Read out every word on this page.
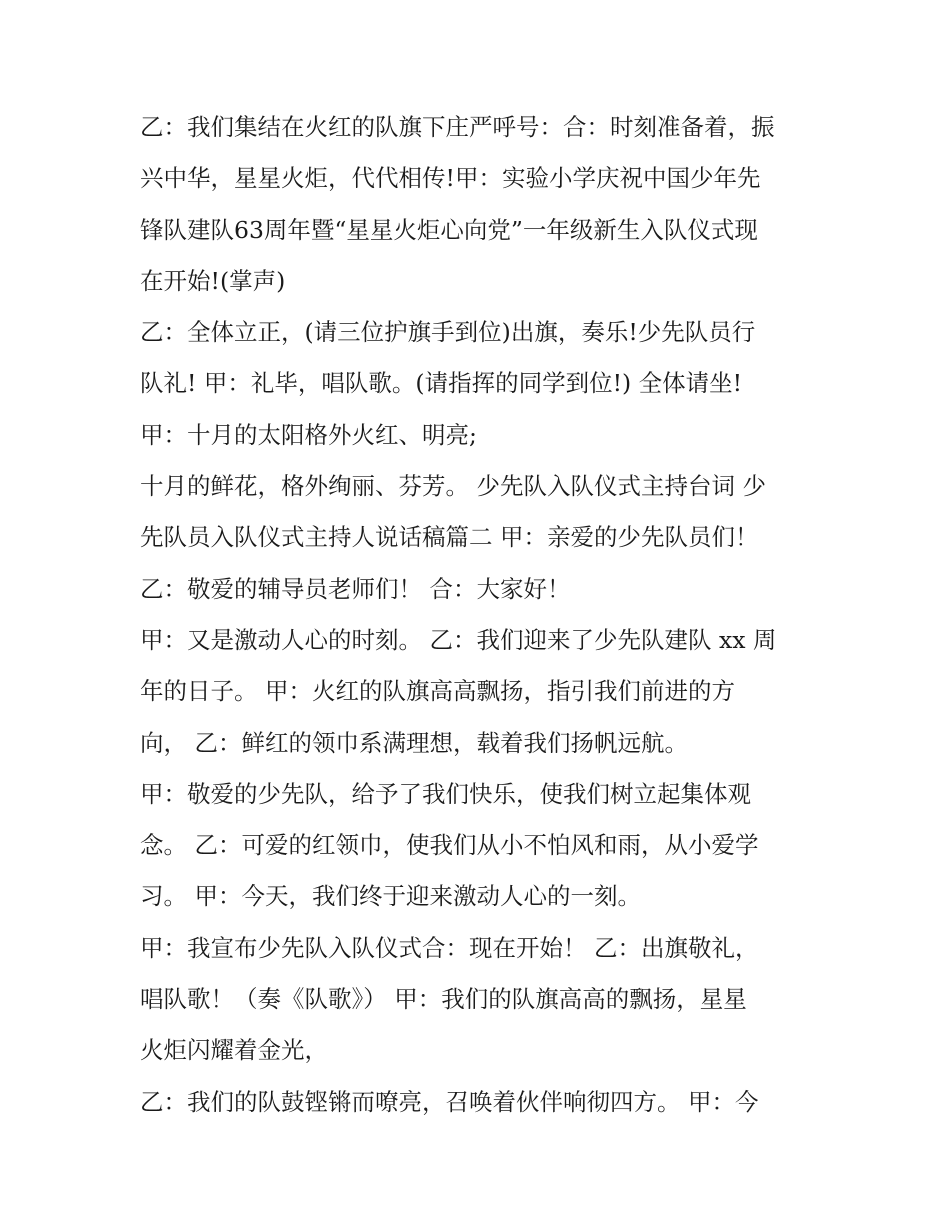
乙：我们集结在火红的队旗下庄严呼号：合：时刻准备着，振
兴中华，星星火炬，代代相传!甲：实验小学庆祝中国少年先
锋队建队63周年暨“星星火炬心向党”一年级新生入队仪式现
在开始!(掌声)
乙：全体立正，(请三位护旗手到位)出旗，奏乐!少先队员行
队礼! 甲：礼毕，唱队歌。(请指挥的同学到位!) 全体请坐!
甲：十月的太阳格外火红、明亮;
十月的鲜花，格外绚丽、芬芳。 少先队入队仪式主持台词 少
先队员入队仪式主持人说话稿篇二 甲：亲爱的少先队员们！
乙：敬爱的辅导员老师们！ 合：大家好！
甲：又是激动人心的时刻。 乙：我们迎来了少先队建队 xx 周
年的日子。 甲：火红的队旗高高飘扬，指引我们前进的方
向， 乙：鲜红的领巾系满理想，载着我们扬帆远航。
甲：敬爱的少先队，给予了我们快乐，使我们树立起集体观
念。 乙：可爱的红领巾，使我们从小不怕风和雨，从小爱学
习。 甲：今天，我们终于迎来激动人心的一刻。
甲：我宣布少先队入队仪式合：现在开始！ 乙：出旗敬礼，
唱队歌！（奏《队歌》） 甲：我们的队旗高高的飘扬，星星
火炬闪耀着金光，
乙：我们的队鼓铿锵而嘹亮，召唤着伙伴响彻四方。 甲：今
